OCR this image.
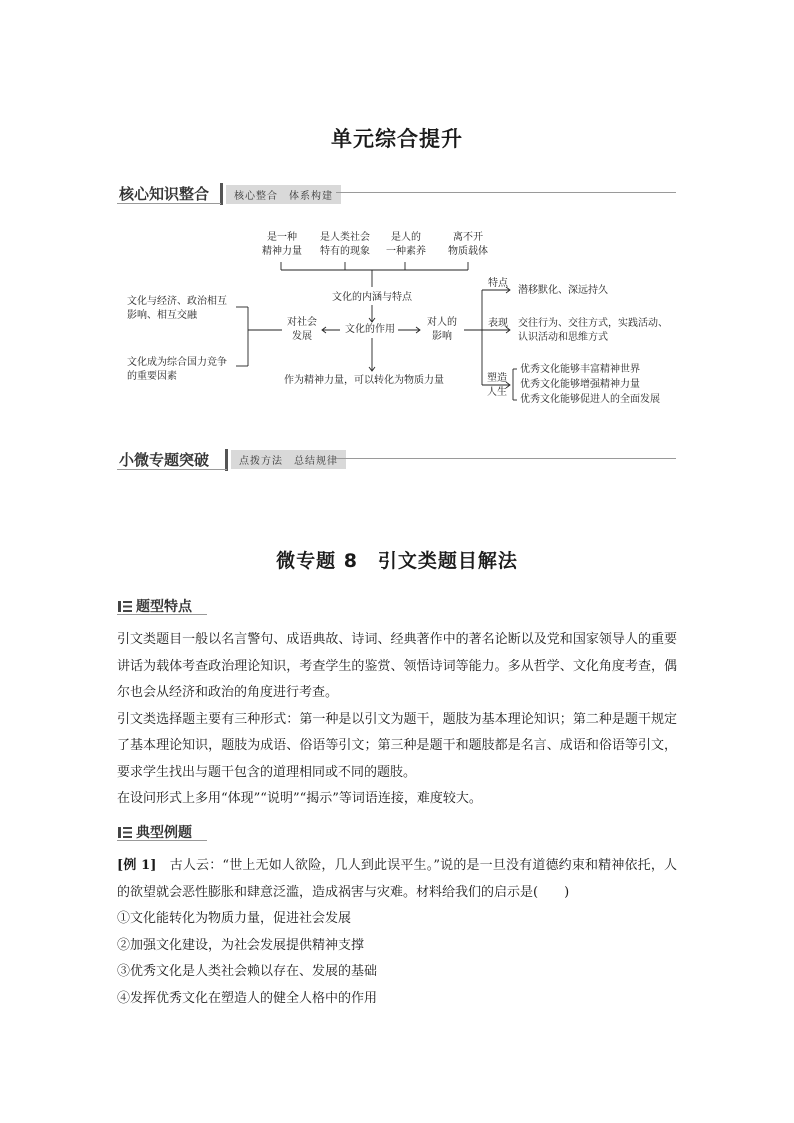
单元综合提升
核心知识整合	核心整合　体系构建
是一种
精神力量
是人类社会
特有的现象
是人的
一种素养
离不开
物质载体
文化的内涵与特点
文化的作用
对社会
发展
对人的
影响
文化与经济、政治相互
影响、相互交融
文化成为综合国力竞争
的重要因素	作为精神力量，可以转化为物质力量
特点
潜移默化、深远持久
表现 交往行为、交往方式，实践活动、
认识活动和思维方式
塑造
人生
优秀文化能够丰富精神世界
优秀文化能够增强精神力量
优秀文化能够促进人的全面发展
小微专题突破	点拨方法　总结规律
微专题 8　引文类题目解法
题型特点

引文类题目一般以名言警句、成语典故、诗词、经典著作中的著名论断以及党和国家领导人的重要讲话为载体考查政治理论知识，考查学生的鉴赏、领悟诗词等能力。多从哲学、文化角度考查，偶尔也会从经济和政治的角度进行考查。

引文类选择题主要有三种形式：第一种是以引文为题干，题肢为基本理论知识；第二种是题干规定了基本理论知识，题肢为成语、俗语等引文；第三种是题干和题肢都是名言、成语和俗语等引文，要求学生找出与题干包含的道理相同或不同的题肢。

在设问形式上多用“体现”“说明”“揭示”等词语连接，难度较大。

典型例题

[例 1]　 古人云：“世上无如人欲险，几人到此误平生。”说的是一旦没有道德约束和精神依托，人的欲望就会恶性膨胀和肆意泛滥，造成祸害与灾难。材料给我们的启示是(　　)

①文化能转化为物质力量，促进社会发展

②加强文化建设，为社会发展提供精神支撑

③优秀文化是人类社会赖以存在、发展的基础

④发挥优秀文化在塑造人的健全人格中的作用
